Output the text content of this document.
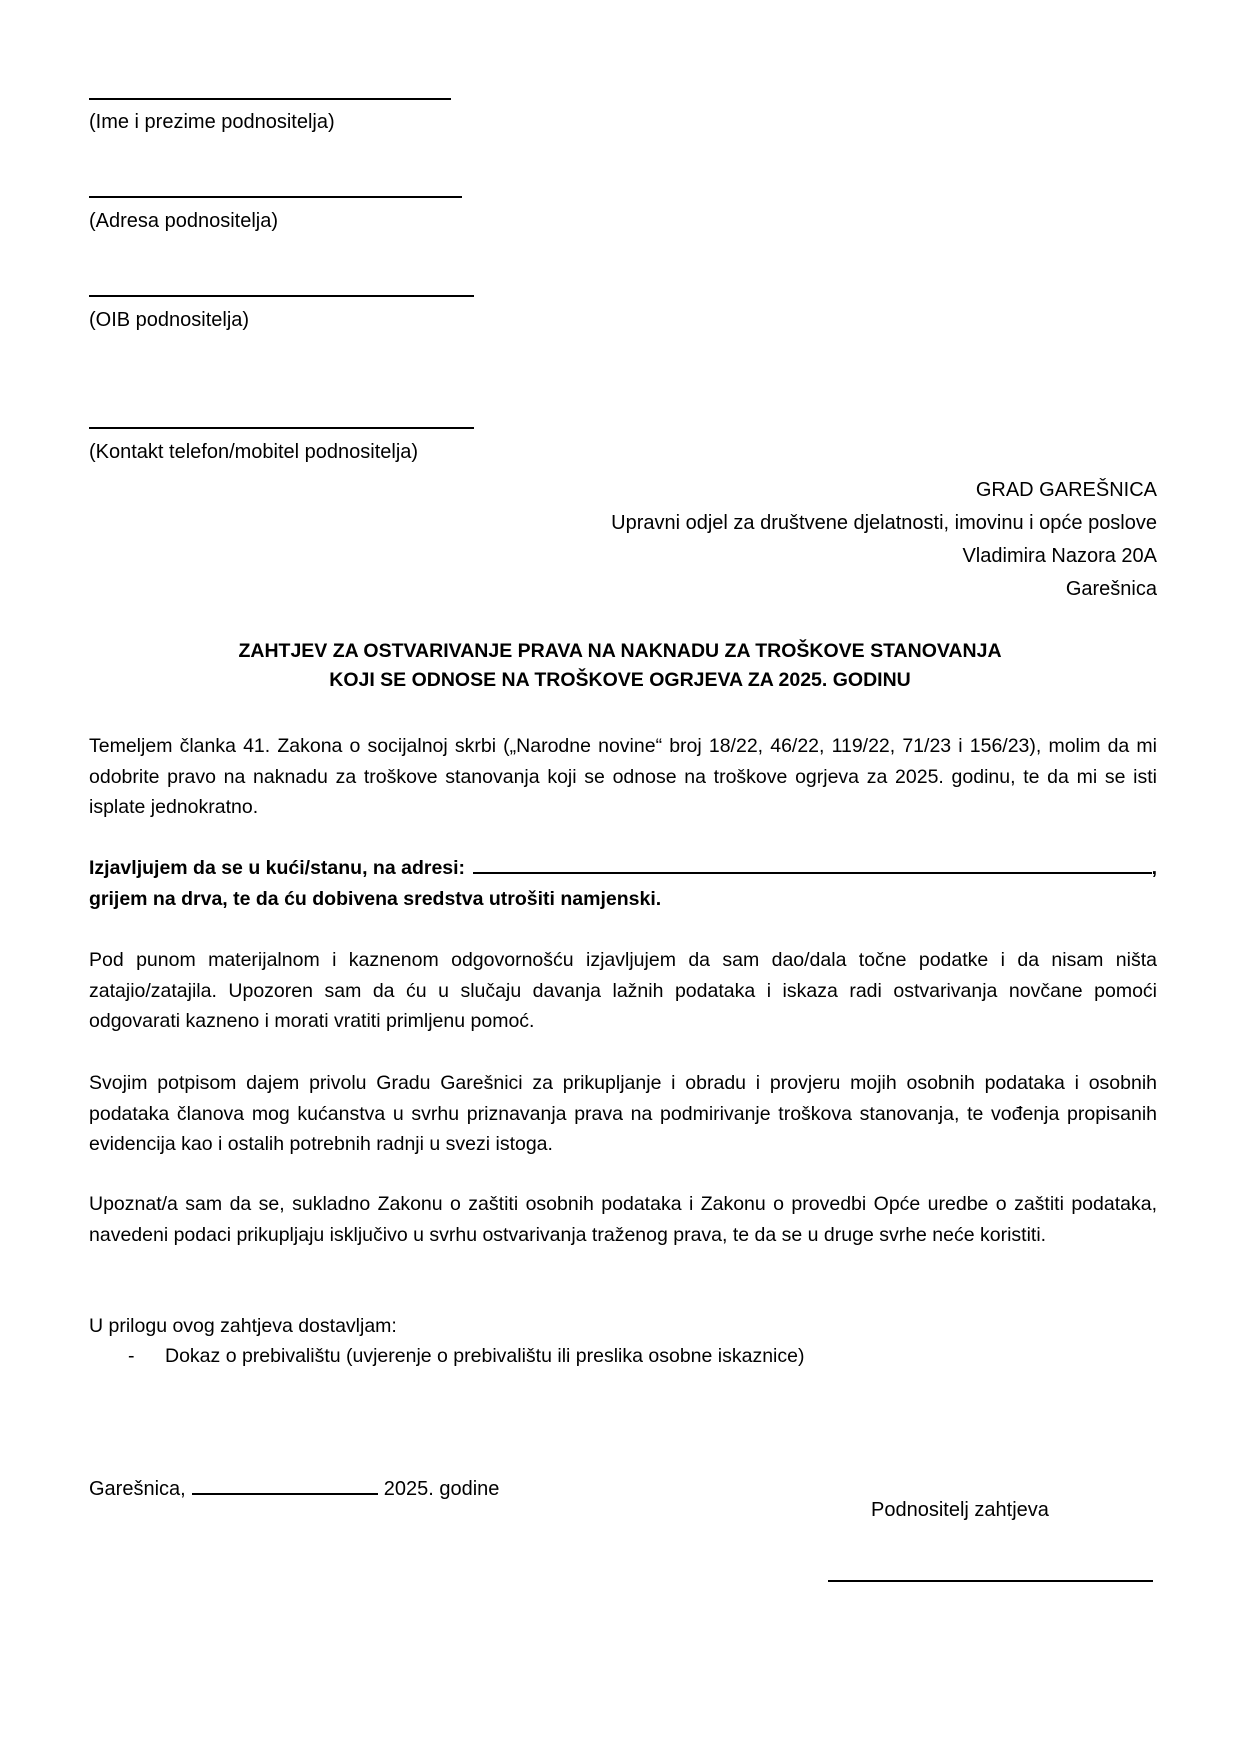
(Ime i prezime podnositelja)
(Adresa podnositelja)
(OIB podnositelja)
(Kontakt telefon/mobitel podnositelja)
GRAD GAREŠNICA
Upravni odjel za društvene djelatnosti, imovinu i opće poslove
Vladimira Nazora 20A
Garešnica
ZAHTJEV ZA OSTVARIVANJE PRAVA NA NAKNADU ZA TROŠKOVE STANOVANJA
KOJI SE ODNOSE NA TROŠKOVE OGRJEVA ZA 2025. GODINU
Temeljem članka 41. Zakona o socijalnoj skrbi („Narodne novine“ broj 18/22, 46/22, 119/22, 71/23 i 156/23), molim da mi odobrite pravo na naknadu za troškove stanovanja koji se odnose na troškove ogrjeva za 2025. godinu, te da mi se isti isplate jednokratno.
Izjavljujem da se u kući/stanu, na adresi:	,
grijem na drva, te da ću dobivena sredstva utrošiti namjenski.
Pod punom materijalnom i kaznenom odgovornošću izjavljujem da sam dao/dala točne podatke i da nisam ništa zatajio/zatajila. Upozoren sam da ću u slučaju davanja lažnih podataka i iskaza radi ostvarivanja novčane pomoći odgovarati kazneno i morati vratiti primljenu pomoć.
Svojim potpisom dajem privolu Gradu Garešnici za prikupljanje i obradu i provjeru mojih osobnih podataka i osobnih podataka članova mog kućanstva u svrhu priznavanja prava na podmirivanje troškova stanovanja, te vođenja propisanih evidencija kao i ostalih potrebnih radnji u svezi istoga.
Upoznat/a sam da se, sukladno Zakonu o zaštiti osobnih podataka i Zakonu o provedbi Opće uredbe o zaštiti podataka, navedeni podaci prikupljaju isključivo u svrhu ostvarivanja traženog prava, te da se u druge svrhe neće koristiti.
U prilogu ovog zahtjeva dostavljam:
- Dokaz o prebivalištu (uvjerenje o prebivalištu ili preslika osobne iskaznice)
Garešnica,	2025. godine
Podnositelj zahtjeva
